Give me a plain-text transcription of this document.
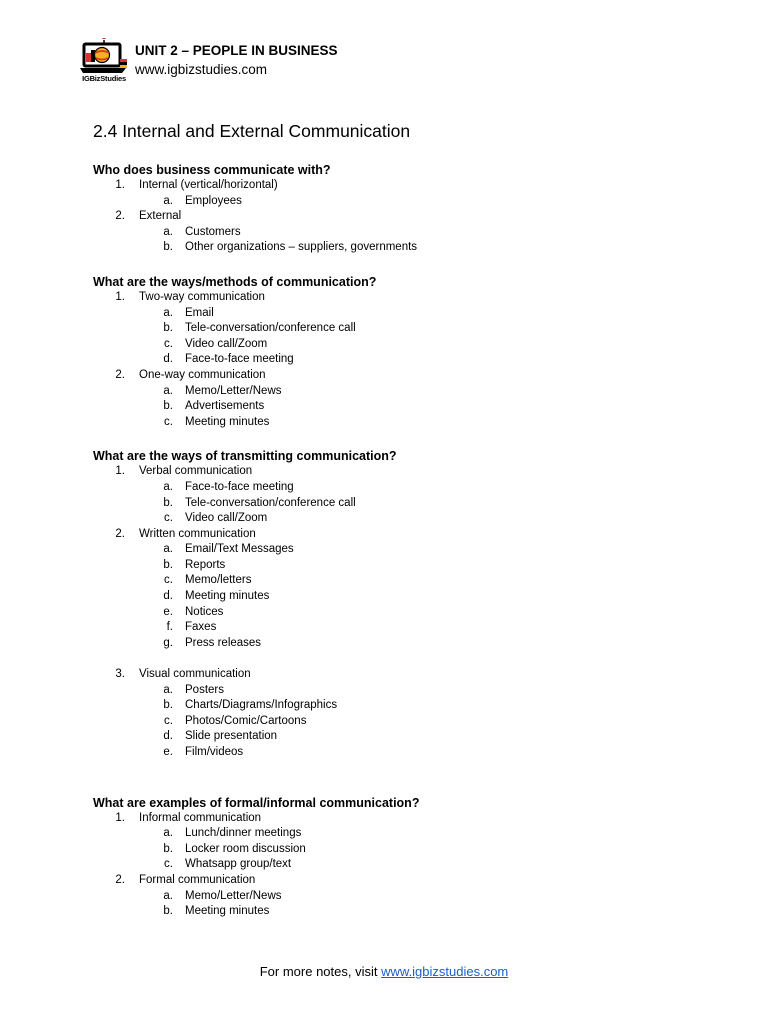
IGBizStudies
UNIT 2 – PEOPLE IN BUSINESS
www.igbizstudies.com
2.4 Internal and External Communication
Who does business communicate with?
1. Internal (vertical/horizontal)
a. Employees
2. External
a. Customers
b. Other organizations – suppliers, governments
What are the ways/methods of communication?
1. Two-way communication
a. Email
b. Tele-conversation/conference call
c. Video call/Zoom
d. Face-to-face meeting
2. One-way communication
a. Memo/Letter/News
b. Advertisements
c. Meeting minutes
What are the ways of transmitting communication?
1. Verbal communication
a. Face-to-face meeting
b. Tele-conversation/conference call
c. Video call/Zoom
2. Written communication
a. Email/Text Messages
b. Reports
c. Memo/letters
d. Meeting minutes
e. Notices
f. Faxes
g. Press releases
3. Visual communication
a. Posters
b. Charts/Diagrams/Infographics
c. Photos/Comic/Cartoons
d. Slide presentation
e. Film/videos
What are examples of formal/informal communication?
1. Informal communication
a. Lunch/dinner meetings
b. Locker room discussion
c. Whatsapp group/text
2. Formal communication
a. Memo/Letter/News
b. Meeting minutes
For more notes, visit www.igbizstudies.com
